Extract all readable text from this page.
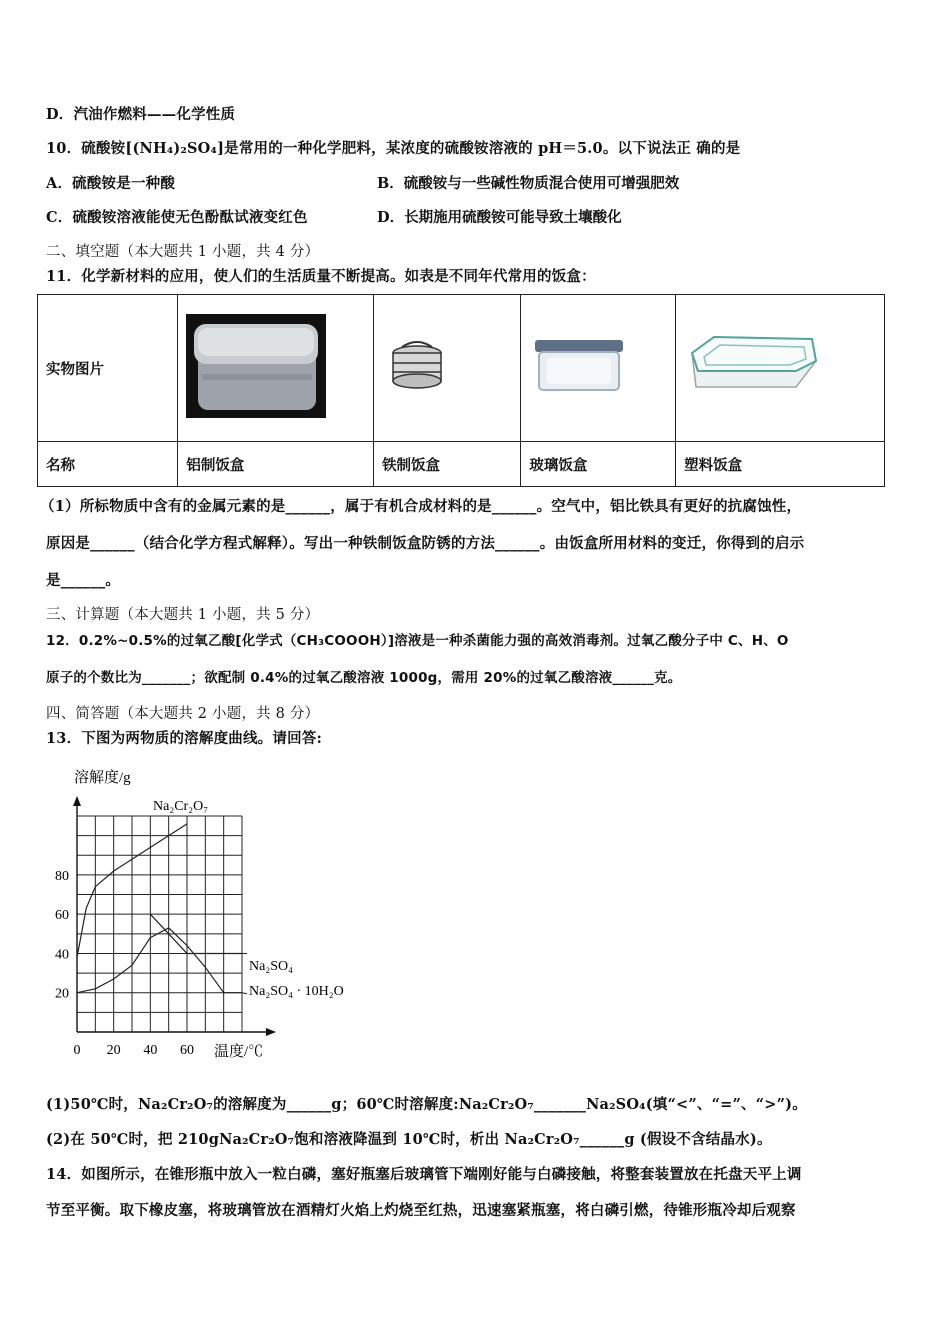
D．汽油作燃料——化学性质
10．硫酸铵[(NH₄)₂SO₄]是常用的一种化学肥料，某浓度的硫酸铵溶液的 pH＝5.0。以下说法正 确的是
A．硫酸铵是一种酸	B．硫酸铵与一些碱性物质混合使用可增强肥效
C．硫酸铵溶液能使无色酚酞试液变红色	D．长期施用硫酸铵可能导致土壤酸化
二、填空题（本大题共 1 小题，共 4 分）
11．化学新材料的应用，使人们的生活质量不断提高。如表是不同年代常用的饭盒：
实物图片				
名称	铝制饭盒	铁制饭盒	玻璃饭盒	塑料饭盒
（1）所标物质中含有的金属元素的是______，属于有机合成材料的是______。空气中，铝比铁具有更好的抗腐蚀性，
原因是______（结合化学方程式解释）。写出一种铁制饭盒防锈的方法______。由饭盒所用材料的变迁，你得到的启示
是______。
三、计算题（本大题共 1 小题，共 5 分）
12．0.2%~0.5%的过氧乙酸[化学式（CH₃COOOH）]溶液是一种杀菌能力强的高效消毒剂。过氧乙酸分子中 C、H、O
原子的个数比为_______；欲配制 0.4%的过氧乙酸溶液 1000g，需用 20%的过氧乙酸溶液______克。
四、简答题（本大题共 2 小题，共 8 分）
13．下图为两物质的溶解度曲线。请回答:
0 20 40 60
20
40
60
80
溶解度/g
温度/℃
Na₂Cr₂O₇
Na₂SO₄
Na₂SO₄ · 10H₂O
(1)50℃时，Na₂Cr₂O₇的溶解度为______g；60℃时溶解度:Na₂Cr₂O₇_______Na₂SO₄(填“<”、“=”、“>”)。
(2)在 50℃时，把 210gNa₂Cr₂O₇饱和溶液降温到 10℃时，析出 Na₂Cr₂O₇______g (假设不含结晶水)。
14．如图所示，在锥形瓶中放入一粒白磷，塞好瓶塞后玻璃管下端刚好能与白磷接触，将整套装置放在托盘天平上调
节至平衡。取下橡皮塞，将玻璃管放在酒精灯火焰上灼烧至红热，迅速塞紧瓶塞，将白磷引燃，待锥形瓶冷却后观察
